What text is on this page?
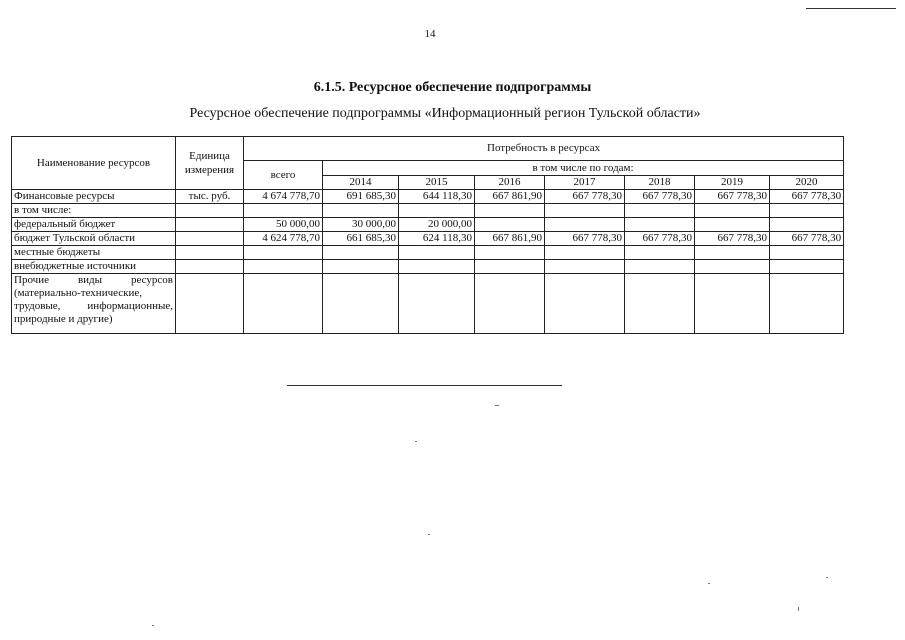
14
6.1.5. Ресурсное обеспечение подпрограммы
Ресурсное обеспечение подпрограммы «Информационный регион Тульской области»
Наименование ресурсов	Единица измерения	Потребность в ресурсах							
		всего	в том числе по годам:						
			2014	2015	2016	2017	2018	2019	2020
Финансовые ресурсы	тыс. руб.	4 674 778,70	691 685,30	644 118,30	667 861,90	667 778,30	667 778,30	667 778,30	667 778,30
в том числе:									
федеральный бюджет		50 000,00	30 000,00	20 000,00					
бюджет Тульской области		4 624 778,70	661 685,30	624 118,30	667 861,90	667 778,30	667 778,30	667 778,30	667 778,30
местные бюджеты									
внебюджетные источники									
Прочие виды ресурсов (материально-технические, трудовые, информационные, природные и другие)									
